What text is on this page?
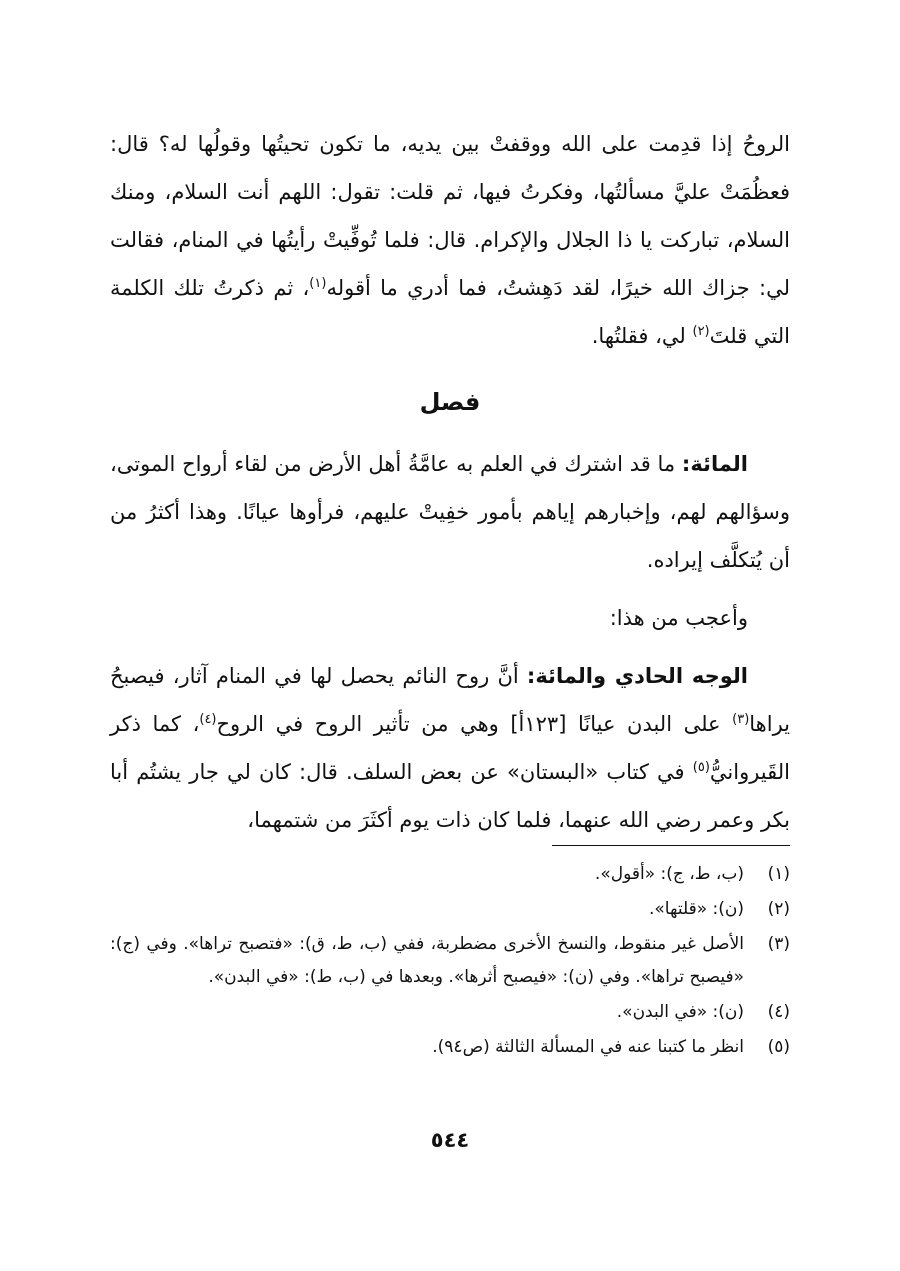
الروحُ إذا قدِمت على الله ووقفتْ بين يديه، ما تكون تحيتُها وقولُها له؟ قال: فعظُمَتْ عليَّ مسألتُها، وفكرتُ فيها، ثم قلت: تقول: اللهم أنت السلام، ومنك السلام، تباركت يا ذا الجلال والإكرام. قال: فلما تُوفِّيتْ رأيتُها في المنام، فقالت لي: جزاك الله خيرًا، لقد دَهِشتُ، فما أدري ما أقوله$^{(١)}$، ثم ذكرتُ تلك الكلمة التي قلتَ$^{(٢)}$ لي، فقلتُها.

فصل

المائة: ما قد اشترك في العلم به عامَّةُ أهل الأرض من لقاء أرواح الموتى، وسؤالهم لهم، وإخبارهم إياهم بأمور خفِيتْ عليهم، فرأوها عيانًا. وهذا أكثرُ من أن يُتكلَّف إيراده.

وأعجب من هذا:

الوجه الحادي والمائة: أنَّ روح النائم يحصل لها في المنام آثار، فيصبحُ يراها$^{(٣)}$ على البدن عيانًا [١٢٣أ] وهي من تأثير الروح في الروح$^{(٤)}$، كما ذكر القَيروانيُّ$^{(٥)}$ في كتاب «البستان» عن بعض السلف. قال: كان لي جار يشتُم أبا بكر وعمر رضي الله عنهما، فلما كان ذات يوم أكثَرَ من شتمهما،

(١)
(ب، ط، ج): «أقول».
(٢)
(ن): «قلتها».
(٣)
الأصل غير منقوط، والنسخ الأخرى مضطربة، ففي (ب، ط، ق): «فتصبح تراها». وفي (ج): «فيصبح تراها». وفي (ن): «فيصبح أثرها». وبعدها في (ب، ط): «في البدن».
(٤)
(ن): «في البدن».
(٥)
انظر ما كتبنا عنه في المسألة الثالثة (ص٩٤).
٥٤٤
